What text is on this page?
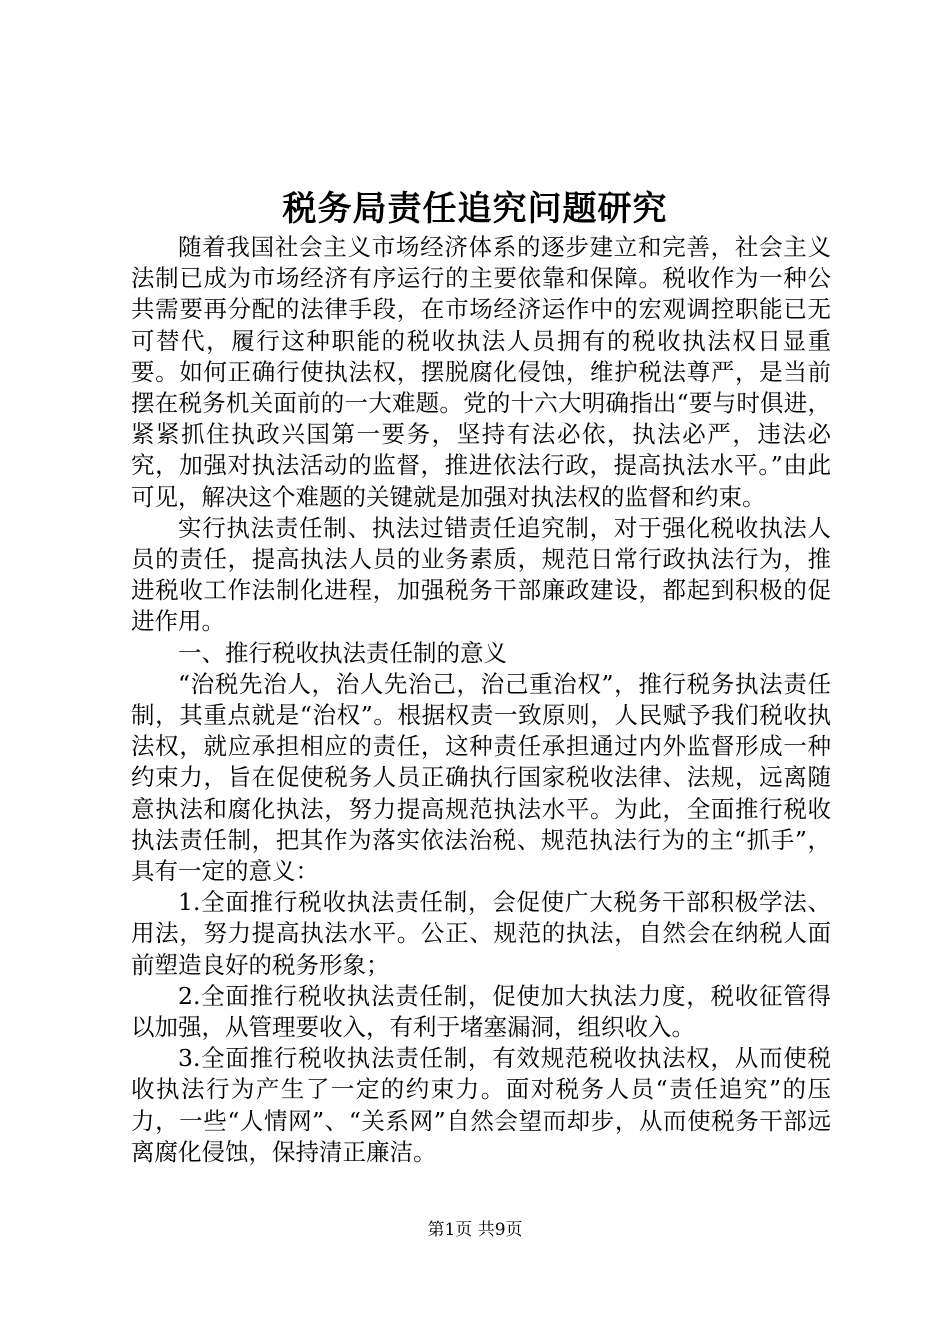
税务局责任追究问题研究

随着我国社会主义市场经济体系的逐步建立和完善，社会主义法制已成为市场经济有序运行的主要依靠和保障。税收作为一种公共需要再分配的法律手段，在市场经济运作中的宏观调控职能已无可替代，履行这种职能的税收执法人员拥有的税收执法权日显重要。如何正确行使执法权，摆脱腐化侵蚀，维护税法尊严，是当前摆在税务机关面前的一大难题。党的十六大明确指出“要与时俱进，紧紧抓住执政兴国第一要务，坚持有法必依，执法必严，违法必究，加强对执法活动的监督，推进依法行政，提高执法水平。”由此可见，解决这个难题的关键就是加强对执法权的监督和约束。

实行执法责任制、执法过错责任追究制，对于强化税收执法人员的责任，提高执法人员的业务素质，规范日常行政执法行为，推进税收工作法制化进程，加强税务干部廉政建设，都起到积极的促进作用。

一、推行税收执法责任制的意义

“治税先治人，治人先治己，治己重治权”，推行税务执法责任制，其重点就是“治权”。根据权责一致原则，人民赋予我们税收执法权，就应承担相应的责任，这种责任承担通过内外监督形成一种约束力，旨在促使税务人员正确执行国家税收法律、法规，远离随意执法和腐化执法，努力提高规范执法水平。为此，全面推行税收执法责任制，把其作为落实依法治税、规范执法行为的主“抓手”，具有一定的意义：

1.全面推行税收执法责任制，会促使广大税务干部积极学法、用法，努力提高执法水平。公正、规范的执法，自然会在纳税人面前塑造良好的税务形象；

2.全面推行税收执法责任制，促使加大执法力度，税收征管得以加强，从管理要收入，有利于堵塞漏洞，组织收入。

3.全面推行税收执法责任制，有效规范税收执法权，从而使税收执法行为产生了一定的约束力。面对税务人员“责任追究”的压力，一些“人情网”、“关系网”自然会望而却步，从而使税务干部远离腐化侵蚀，保持清正廉洁。

第1页 共9页
